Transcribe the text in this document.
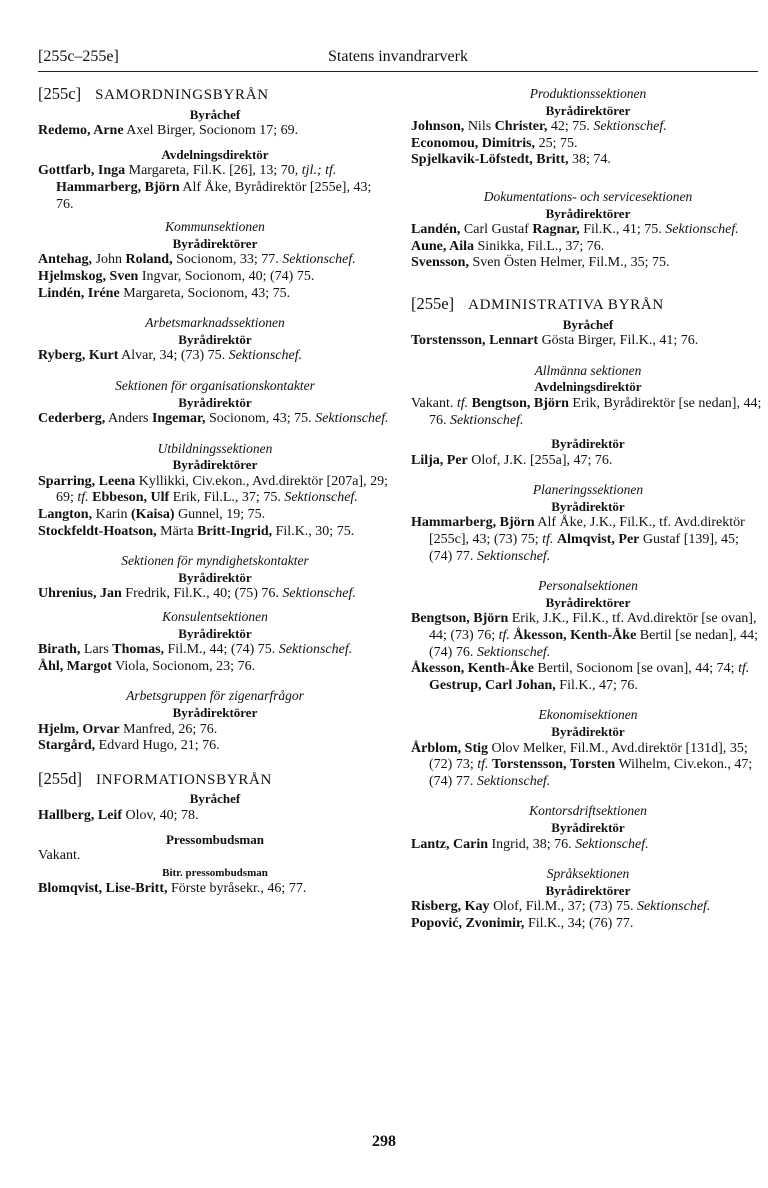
[255c–255e]	Statens invandrarverk
[255c] SAMORDNINGSBYRÅN
Byråchef
Redemo, Arne Axel Birger, Socionom 17; 69.
Avdelningsdirektör
Gottfarb, Inga Margareta, Fil.K. [26], 13; 70, tjl.; tf. Hammarberg, Björn Alf Åke, Byrådirektör [255e], 43; 76.
Kommunsektionen
Byrådirektörer
Antehag, John Roland, Socionom, 33; 77. Sektionschef.
Hjelmskog, Sven Ingvar, Socionom, 40; (74) 75.
Lindén, Iréne Margareta, Socionom, 43; 75.
Arbetsmarknadssektionen
Byrådirektör
Ryberg, Kurt Alvar, 34; (73) 75. Sektionschef.
Sektionen för organisationskontakter
Byrådirektör
Cederberg, Anders Ingemar, Socionom, 43; 75. Sektionschef.
Utbildningssektionen
Byrådirektörer
Sparring, Leena Kyllikki, Civ.ekon., Avd.direktör [207a], 29; 69; tf. Ebbeson, Ulf Erik, Fil.L., 37; 75. Sektionschef.
Langton, Karin (Kaisa) Gunnel, 19; 75.
Stockfeldt-Hoatson, Märta Britt-Ingrid, Fil.K., 30; 75.
Sektionen för myndighetskontakter
Byrådirektör
Uhrenius, Jan Fredrik, Fil.K., 40; (75) 76. Sektionschef.
Konsulentsektionen
Byrådirektör
Birath, Lars Thomas, Fil.M., 44; (74) 75. Sektionschef.
Åhl, Margot Viola, Socionom, 23; 76.
Arbetsgruppen för zigenarfrågor
Byrådirektörer
Hjelm, Orvar Manfred, 26; 76.
Stargård, Edvard Hugo, 21; 76.
[255d] INFORMATIONSBYRÅN
Byråchef
Hallberg, Leif Olov, 40; 78.
Pressombudsman
Vakant.
Bitr. pressombudsman
Blomqvist, Lise-Britt, Förste byråsekr., 46; 77.
Produktionssektionen
Byrådirektörer
Johnson, Nils Christer, 42; 75. Sektionschef.
Economou, Dimitris, 25; 75.
Spjelkavik-Löfstedt, Britt, 38; 74.
Dokumentations- och servicesektionen
Byrådirektörer
Landén, Carl Gustaf Ragnar, Fil.K., 41; 75. Sektionschef.
Aune, Aila Sinikka, Fil.L., 37; 76.
Svensson, Sven Östen Helmer, Fil.M., 35; 75.
[255e] ADMINISTRATIVA BYRÅN
Byråchef
Torstensson, Lennart Gösta Birger, Fil.K., 41; 76.
Allmänna sektionen
Avdelningsdirektör
Vakant. tf. Bengtson, Björn Erik, Byrådirektör [se nedan], 44; 76. Sektionschef.
Byrådirektör
Lilja, Per Olof, J.K. [255a], 47; 76.
Planeringssektionen
Byrådirektör
Hammarberg, Björn Alf Åke, J.K., Fil.K., tf. Avd.direktör [255c], 43; (73) 75; tf. Almqvist, Per Gustaf [139], 45; (74) 77. Sektionschef.
Personalsektionen
Byrådirektörer
Bengtson, Björn Erik, J.K., Fil.K., tf. Avd.direktör [se ovan], 44; (73) 76; tf. Åkesson, Kenth-Åke Bertil [se nedan], 44; (74) 76. Sektionschef.
Åkesson, Kenth-Åke Bertil, Socionom [se ovan], 44; 74; tf. Gestrup, Carl Johan, Fil.K., 47; 76.
Ekonomisektionen
Byrådirektör
Årblom, Stig Olov Melker, Fil.M., Avd.direktör [131d], 35; (72) 73; tf. Torstensson, Torsten Wilhelm, Civ.ekon., 47; (74) 77. Sektionschef.
Kontorsdriftsektionen
Byrådirektör
Lantz, Carin Ingrid, 38; 76. Sektionschef.
Språksektionen
Byrådirektörer
Risberg, Kay Olof, Fil.M., 37; (73) 75. Sektionschef.
Popović, Zvonimir, Fil.K., 34; (76) 77.
298
